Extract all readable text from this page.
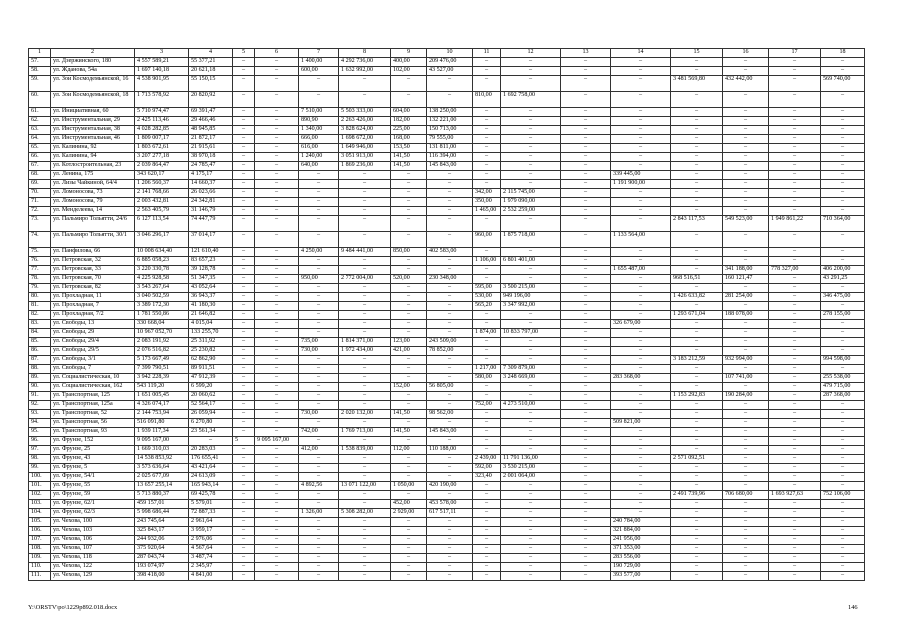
1	2	3	4	5	6	7	8	9	10	11	12	13	14	15	16	17	18
57.	ул. Дзержинского, 180	4 557 589,21	55 377,21	–	–	1 400,00	4 292 736,00	400,00	209 476,00	–	–	–	–	–	–	–	–
58.	ул. Жданова, 54а	1 697 140,18	20 621,18	–	–	600,00	1 632 992,00	102,00	43 527,00	–	–	–	–	–	–	–	–
59.	ул. Зои Космодемьянской, 16	4 538 901,95	55 150,15	–	–	–	–	–	–	–	–	–	–	3 481 569,80	432 442,00	–	569 740,00
60.	ул. Зои Космодемьянской, 18	1 713 578,92	20 820,92	–	–	–	–	–	–	810,00	1 692 758,00	–	–	–	–	–	–
61.	ул. Инициативная, 60	5 710 974,47	69 391,47	–	–	7 510,00	5 503 333,00	604,00	138 250,00	–	–	–	–	–	–	–	–
62.	ул. Инструментальная, 29	2 425 113,46	29 466,46	–	–	890,90	2 263 426,00	182,00	132 221,00	–	–	–	–	–	–	–	–
63.	ул. Инструментальная, 38	4 028 282,85	48 945,85	–	–	1 340,00	3 828 624,00	225,00	150 713,00	–	–	–	–	–	–	–	–
64.	ул. Инструментальная, 46	1 809 007,17	21 872,17	–	–	666,00	1 698 672,00	168,00	79 555,00	–	–	–	–	–	–	–	–
65.	ул. Калинина, 92	1 803 672,61	21 915,61	–	–	616,00	1 649 946,00	153,50	131 811,00	–	–	–	–	–	–	–	–
66.	ул. Калинина, 94	3 207 277,18	38 970,18	–	–	1 240,00	3 051 913,00	141,50	116 394,00	–	–	–	–	–	–	–	–
67.	ул. Котлостроительная, 23	2 039 864,47	24 785,47	–	–	640,00	1 869 236,00	141,50	145 843,00	–	–	–	–	–	–	–	–
68.	ул. Ленина, 175	343 620,17	4 175,17	–	–	–	–	–	–	–	–	–	339 445,00	–	–	–	–
69.	ул. Лизы Чайкиной, 64/4	1 206 560,37	14 660,37	–	–	–	–	–	–	–	–	–	1 191 900,00	–	–	–	–
70.	ул. Ломоносова, 73	2 141 768,66	26 023,66	–	–	–	–	–	–	342,00	2 115 745,00	–	–	–	–	–	–
71.	ул. Ломоносова, 79	2 003 432,81	24 342,81	–	–	–	–	–	–	350,00	1 979 090,00	–	–	–	–	–	–
72.	ул. Менделеева, 14	2 563 405,79	31 146,79	–	–	–	–	–	–	1 465,00	2 532 259,00	–	–	–	–	–	–
73.	ул. Пальмиро Тольятти, 24/6	6 127 113,54	74 447,79	–	–	–	–	–	–	–	–	–	–	2 843 117,53	549 523,00	1 949 861,22	710 364,00
74.	ул. Пальмиро Тольятти, 30/1	3 046 296,17	37 014,17	–	–	–	–	–	–	960,00	1 875 718,00	–	1 133 564,00	–	–	–	–
75.	ул. Панфилова, 66	10 008 634,40	121 610,40	–	–	4 250,00	9 484 441,00	850,00	402 583,00	–	–	–	–	–	–	–	–
76.	ул. Петровская, 32	6 885 058,23	83 657,23	–	–	–	–	–	–	1 106,00	6 801 401,00	–	–	–	–	–	–
77.	ул. Петровская, 33	3 220 330,78	39 128,78	–	–	–	–	–	–	–	–	–	1 655 487,00	–	341 188,00	778 327,00	406 200,00
78.	ул. Петровская, 70	4 225 928,58	51 347,35	–	–	950,00	2 772 004,00	520,00	230 348,00	–	–	–	–	968 516,51	160 121,47	–	43 291,25
79.	ул. Петровская, 82	3 543 267,64	43 052,64	–	–	–	–	–	–	595,00	3 500 215,00	–	–	–	–	–	–
80.	ул. Прохладная, 11	3 040 502,59	36 943,37	–	–	–	–	–	–	530,00	949 196,00	–	–	1 426 633,82	281 254,00	–	346 475,00
81.	ул. Прохладная, 7	3 389 172,30	41 180,30	–	–	–	–	–	–	565,20	3 347 992,00	–	–	–	–	–	–
82.	ул. Прохладная, 7/2	1 781 550,86	21 646,82	–	–	–	–	–	–	–	–	–	–	1 293 671,04	188 078,00	–	278 155,00
83.	ул. Свободы, 13	330 668,04	4 015,04	–	–	–	–	–	–	–	–	–	326 679,00	–	–	–	–
84.	ул. Свободы, 29	10 967 052,70	133 255,70	–	–	–	–	–	–	1 874,00	10 833 797,00	–	–	–	–	–	–
85.	ул. Свободы, 29/4	2 083 191,92	25 311,92	–	–	735,00	1 814 371,00	123,00	243 509,00	–	–	–	–	–	–	–	–
86.	ул. Свободы, 29/5	2 076 516,82	25 230,82	–	–	730,00	1 972 434,00	421,00	78 852,00	–	–	–	–	–	–	–	–
87.	ул. Свободы, 3/1	5 173 667,49	62 862,90	–	–	–	–	–	–	–	–	–	–	3 183 212,59	932 994,00	–	994 598,00
88.	ул. Свободы, 7	7 399 790,51	89 911,51	–	–	–	–	–	–	1 217,00	7 309 879,00	–	–	–	–	–	–
89.	ул. Социалистическая, 10	3 942 228,39	47 912,39	–	–	–	–	–	–	580,00	3 248 669,00	–	283 368,00	–	107 741,00	–	255 538,00
90.	ул. Социалистическая, 162	543 119,20	6 599,20	–	–	–	–	152,00	56 805,00	–	–	–	–	–	–	–	479 715,00
91.	ул. Транспортная, 125	1 651 005,45	20 060,62	–	–	–	–	–	–	–	–	–	–	1 153 292,83	190 284,00	–	287 368,00
92.	ул. Транспортная, 125а	4 326 074,17	52 564,17	–	–	–	–	–	–	752,00	4 273 510,00	–	–	–	–	–	–
93.	ул. Транспортная, 52	2 144 753,94	26 059,94	–	–	730,00	2 020 132,00	141,50	98 562,00	–	–	–	–	–	–	–	–
94.	ул. Транспортная, 56	516 091,80	6 270,80	–	–	–	–	–	–	–	–	–	509 821,00	–	–	–	–
95.	ул. Транспортная, 93	1 939 117,34	23 561,34	–	–	742,00	1 769 713,00	141,50	145 843,00	–	–	–	–	–	–	–	–
96.	ул. Фрунзе, 152	9 095 167,00	–	5	9 095 167,00	–	–	–	–	–	–	–	–	–	–	–	–
97.	ул. Фрунзе, 25	1 669 310,03	20 283,03	–	–	412,00	1 538 839,00	112,00	110 188,00	–	–	–	–	–	–	–	–
98.	ул. Фрунзе, 43	14 538 853,92	176 655,41	–	–	–	–	–	–	2 439,00	11 791 136,00	–	–	2 571 092,51	–	–	–
99.	ул. Фрунзе, 5	3 573 636,64	43 421,64	–	–	–	–	–	–	592,00	3 530 215,00	–	–	–	–	–	–
100.	ул. Фрунзе, 54/1	2 025 677,09	24 613,09	–	–	–	–	–	–	323,40	2 001 064,00	–	–	–	–	–	–
101.	ул. Фрунзе, 55	13 657 255,14	165 943,14	–	–	4 892,56	13 071 122,00	1 050,00	420 190,00	–	–	–	–	–	–	–	–
102.	ул. Фрунзе, 59	5 713 880,37	69 425,78	–	–	–	–	–	–	–	–	–	–	2 491 739,96	706 680,00	1 693 927,63	752 106,00
103.	ул. Фрунзе, 62/1	459 157,01	5 579,01	–	–	–	–	452,00	453 578,00	–	–	–	–	–	–	–	–
104.	ул. Фрунзе, 62/3	5 998 686,44	72 887,33	–	–	1 326,00	5 308 282,00	2 929,00	617 517,11	–	–	–	–	–	–	–	–
105.	ул. Чехова, 100	243 745,64	2 961,64	–	–	–	–	–	–	–	–	–	240 784,00	–	–	–	–
106.	ул. Чехова, 103	325 843,17	3 959,17	–	–	–	–	–	–	–	–	–	321 884,00	–	–	–	–
107.	ул. Чехова, 106	244 932,06	2 976,06	–	–	–	–	–	–	–	–	–	241 956,00	–	–	–	–
108.	ул. Чехова, 107	375 920,64	4 567,64	–	–	–	–	–	–	–	–	–	371 353,00	–	–	–	–
109.	ул. Чехова, 118	287 043,74	3 487,74	–	–	–	–	–	–	–	–	–	283 556,00	–	–	–	–
110.	ул. Чехова, 122	193 074,97	2 345,97	–	–	–	–	–	–	–	–	–	190 729,00	–	–	–	–
111.	ул. Чехова, 129	398 418,00	4 841,00	–	–	–	–	–	–	–	–	–	393 577,00	–	–	–	–
Y:\ORSTV\po\1229p892.018.docx	146
